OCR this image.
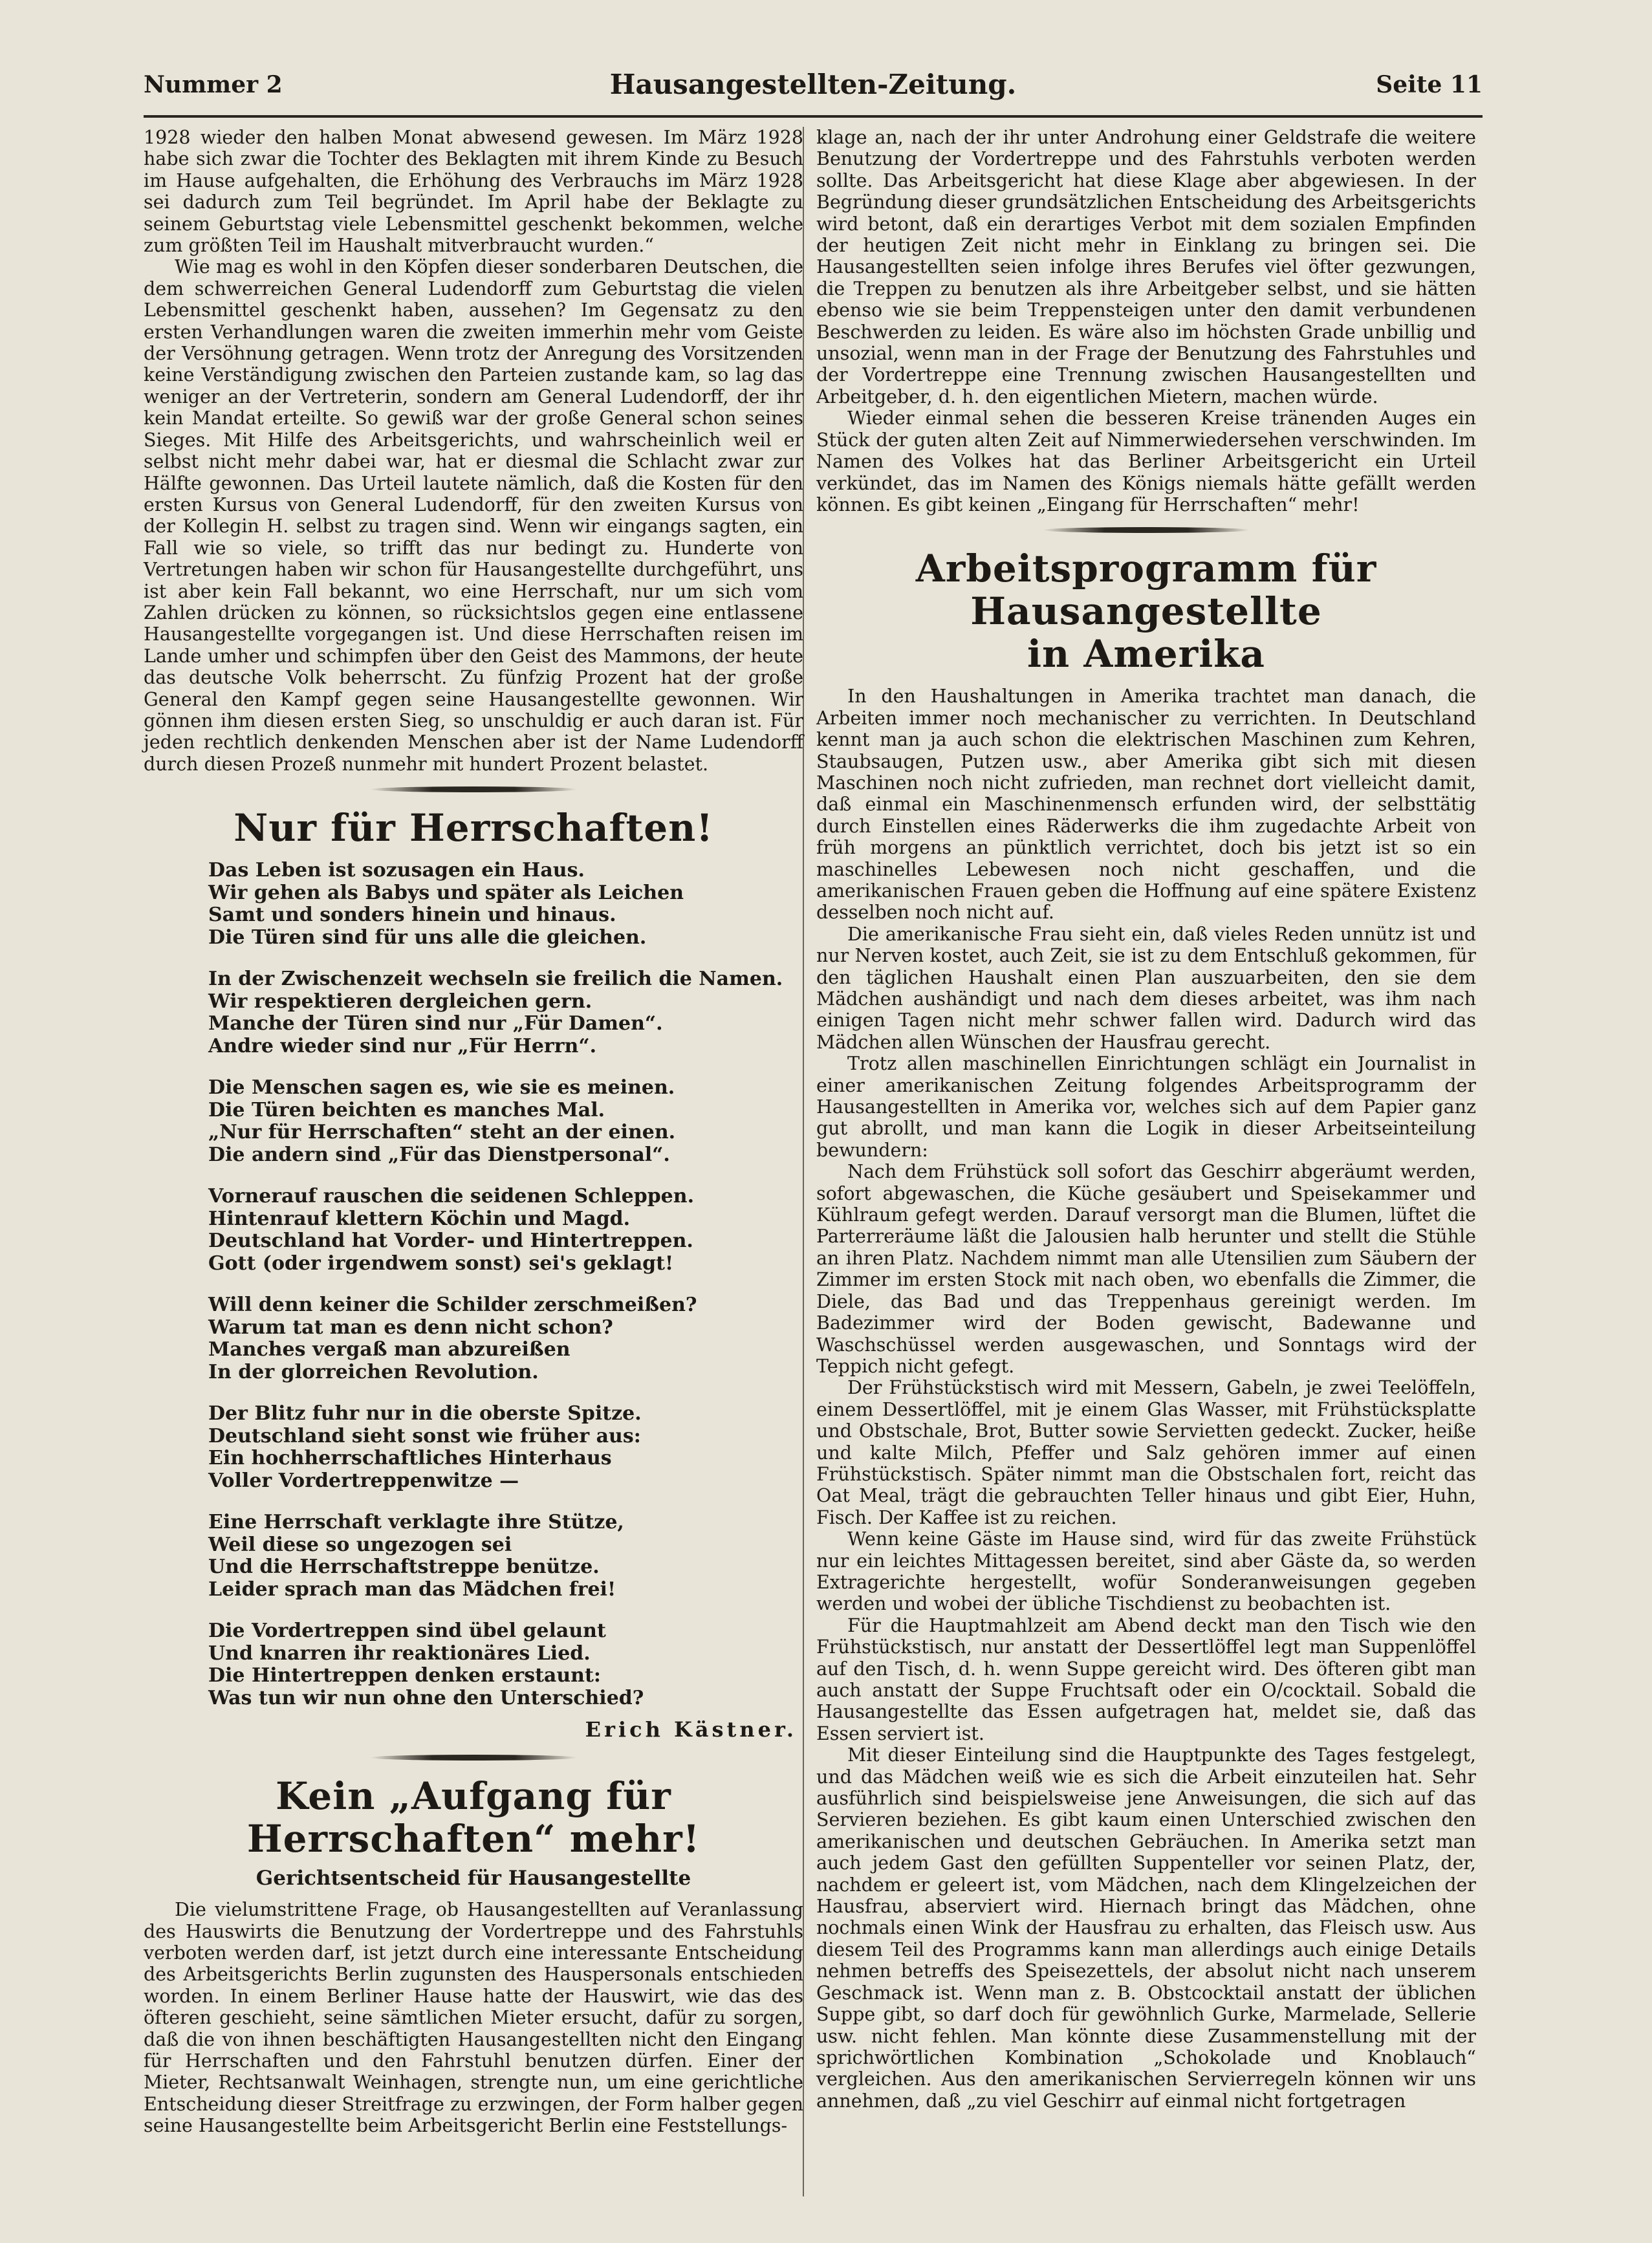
Nummer 2	Hausangestellten-Zeitung.	Seite 11

1928 wieder den halben Monat abwesend gewesen. Im März 1928 habe sich zwar die Tochter des Beklagten mit ihrem Kinde zu Besuch im Hause aufgehalten, die Erhöhung des Verbrauchs im März 1928 sei dadurch zum Teil begründet. Im April habe der Beklagte zu seinem Geburtstag viele Lebensmittel geschenkt bekommen, welche zum größten Teil im Haushalt mitverbraucht wurden.“

Wie mag es wohl in den Köpfen dieser sonderbaren Deutschen, die dem schwerreichen General Ludendorff zum Geburtstag die vielen Lebensmittel geschenkt haben, aussehen? Im Gegensatz zu den ersten Verhandlungen waren die zweiten immerhin mehr vom Geiste der Versöhnung getragen. Wenn trotz der Anregung des Vorsitzenden keine Verständigung zwischen den Parteien zustande kam, so lag das weniger an der Vertreterin, sondern am General Ludendorff, der ihr kein Mandat erteilte. So gewiß war der große General schon seines Sieges. Mit Hilfe des Arbeitsgerichts, und wahrscheinlich weil er selbst nicht mehr dabei war, hat er diesmal die Schlacht zwar zur Hälfte gewonnen. Das Urteil lautete nämlich, daß die Kosten für den ersten Kursus von General Ludendorff, für den zweiten Kursus von der Kollegin H. selbst zu tragen sind. Wenn wir eingangs sagten, ein Fall wie so viele, so trifft das nur bedingt zu. Hunderte von Vertretungen haben wir schon für Hausangestellte durchgeführt, uns ist aber kein Fall bekannt, wo eine Herrschaft, nur um sich vom Zahlen drücken zu können, so rücksichtslos gegen eine entlassene Hausangestellte vorgegangen ist. Und diese Herrschaften reisen im Lande umher und schimpfen über den Geist des Mammons, der heute das deutsche Volk beherrscht. Zu fünfzig Prozent hat der große General den Kampf gegen seine Hausangestellte gewonnen. Wir gönnen ihm diesen ersten Sieg, so unschuldig er auch daran ist. Für jeden rechtlich denkenden Menschen aber ist der Name Ludendorff durch diesen Prozeß nunmehr mit hundert Prozent belastet.

Nur für Herrschaften!
Das Leben ist sozusagen ein Haus.
Wir gehen als Babys und später als Leichen
Samt und sonders hinein und hinaus.
Die Türen sind für uns alle die gleichen.
In der Zwischenzeit wechseln sie freilich die Namen.
Wir respektieren dergleichen gern.
Manche der Türen sind nur „Für Damen“.
Andre wieder sind nur „Für Herrn“.
Die Menschen sagen es, wie sie es meinen.
Die Türen beichten es manches Mal.
„Nur für Herrschaften“ steht an der einen.
Die andern sind „Für das Dienstpersonal“.
Vornerauf rauschen die seidenen Schleppen.
Hintenrauf klettern Köchin und Magd.
Deutschland hat Vorder- und Hintertreppen.
Gott (oder irgendwem sonst) sei's geklagt!
Will denn keiner die Schilder zerschmeißen?
Warum tat man es denn nicht schon?
Manches vergaß man abzureißen
In der glorreichen Revolution.
Der Blitz fuhr nur in die oberste Spitze.
Deutschland sieht sonst wie früher aus:
Ein hochherrschaftliches Hinterhaus
Voller Vordertreppenwitze —
Eine Herrschaft verklagte ihre Stütze,
Weil diese so ungezogen sei
Und die Herrschaftstreppe benütze.
Leider sprach man das Mädchen frei!
Die Vordertreppen sind übel gelaunt
Und knarren ihr reaktionäres Lied.
Die Hintertreppen denken erstaunt:
Was tun wir nun ohne den Unterschied?
Erich Kästner.
Kein „Aufgang für Herrschaften“ mehr!
Gerichtsentscheid für Hausangestellte

Die vielumstrittene Frage, ob Hausangestellten auf Veranlassung des Hauswirts die Benutzung der Vordertreppe und des Fahrstuhls verboten werden darf, ist jetzt durch eine interessante Entscheidung des Arbeitsgerichts Berlin zugunsten des Hauspersonals entschieden worden. In einem Berliner Hause hatte der Hauswirt, wie das des öfteren geschieht, seine sämtlichen Mieter ersucht, dafür zu sorgen, daß die von ihnen beschäftigten Hausangestellten nicht den Eingang für Herrschaften und den Fahrstuhl benutzen dürfen. Einer der Mieter, Rechtsanwalt Weinhagen, strengte nun, um eine gerichtliche Entscheidung dieser Streitfrage zu erzwingen, der Form halber gegen seine Hausangestellte beim Arbeitsgericht Berlin eine Feststellungs-

klage an, nach der ihr unter Androhung einer Geldstrafe die weitere Benutzung der Vordertreppe und des Fahrstuhls verboten werden sollte. Das Arbeitsgericht hat diese Klage aber abgewiesen. In der Begründung dieser grundsätzlichen Entscheidung des Arbeitsgerichts wird betont, daß ein derartiges Verbot mit dem sozialen Empfinden der heutigen Zeit nicht mehr in Einklang zu bringen sei. Die Hausangestellten seien infolge ihres Berufes viel öfter gezwungen, die Treppen zu benutzen als ihre Arbeitgeber selbst, und sie hätten ebenso wie sie beim Treppensteigen unter den damit verbundenen Beschwerden zu leiden. Es wäre also im höchsten Grade unbillig und unsozial, wenn man in der Frage der Benutzung des Fahrstuhles und der Vordertreppe eine Trennung zwischen Hausangestellten und Arbeitgeber, d. h. den eigentlichen Mietern, machen würde.

Wieder einmal sehen die besseren Kreise tränenden Auges ein Stück der guten alten Zeit auf Nimmerwiedersehen verschwinden. Im Namen des Volkes hat das Berliner Arbeitsgericht ein Urteil verkündet, das im Namen des Königs niemals hätte gefällt werden können. Es gibt keinen „Eingang für Herrschaften“ mehr!

Arbeitsprogramm für Hausangestellte
in Amerika

In den Haushaltungen in Amerika trachtet man danach, die Arbeiten immer noch mechanischer zu verrichten. In Deutschland kennt man ja auch schon die elektrischen Maschinen zum Kehren, Staubsaugen, Putzen usw., aber Amerika gibt sich mit diesen Maschinen noch nicht zufrieden, man rechnet dort vielleicht damit, daß einmal ein Maschinenmensch erfunden wird, der selbsttätig durch Einstellen eines Räderwerks die ihm zugedachte Arbeit von früh morgens an pünktlich verrichtet, doch bis jetzt ist so ein maschinelles Lebewesen noch nicht geschaffen, und die amerikanischen Frauen geben die Hoffnung auf eine spätere Existenz desselben noch nicht auf.

Die amerikanische Frau sieht ein, daß vieles Reden unnütz ist und nur Nerven kostet, auch Zeit, sie ist zu dem Entschluß gekommen, für den täglichen Haushalt einen Plan auszuarbeiten, den sie dem Mädchen aushändigt und nach dem dieses arbeitet, was ihm nach einigen Tagen nicht mehr schwer fallen wird. Dadurch wird das Mädchen allen Wünschen der Hausfrau gerecht.

Trotz allen maschinellen Einrichtungen schlägt ein Journalist in einer amerikanischen Zeitung folgendes Arbeitsprogramm der Hausangestellten in Amerika vor, welches sich auf dem Papier ganz gut abrollt, und man kann die Logik in dieser Arbeitseinteilung bewundern:

Nach dem Frühstück soll sofort das Geschirr abgeräumt werden, sofort abgewaschen, die Küche gesäubert und Speisekammer und Kühlraum gefegt werden. Darauf versorgt man die Blumen, lüftet die Parterreräume läßt die Jalousien halb herunter und stellt die Stühle an ihren Platz. Nachdem nimmt man alle Utensilien zum Säubern der Zimmer im ersten Stock mit nach oben, wo ebenfalls die Zimmer, die Diele, das Bad und das Treppenhaus gereinigt werden. Im Badezimmer wird der Boden gewischt, Badewanne und Waschschüssel werden ausgewaschen, und Sonntags wird der Teppich nicht gefegt.

Der Frühstückstisch wird mit Messern, Gabeln, je zwei Teelöffeln, einem Dessertlöffel, mit je einem Glas Wasser, mit Frühstücksplatte und Obstschale, Brot, Butter sowie Servietten gedeckt. Zucker, heiße und kalte Milch, Pfeffer und Salz gehören immer auf einen Frühstückstisch. Später nimmt man die Obstschalen fort, reicht das Oat Meal, trägt die gebrauchten Teller hinaus und gibt Eier, Huhn, Fisch. Der Kaffee ist zu reichen.

Wenn keine Gäste im Hause sind, wird für das zweite Frühstück nur ein leichtes Mittagessen bereitet, sind aber Gäste da, so werden Extragerichte hergestellt, wofür Sonderanweisungen gegeben werden und wobei der übliche Tischdienst zu beobachten ist.

Für die Hauptmahlzeit am Abend deckt man den Tisch wie den Frühstückstisch, nur anstatt der Dessertlöffel legt man Suppenlöffel auf den Tisch, d. h. wenn Suppe gereicht wird. Des öfteren gibt man auch anstatt der Suppe Fruchtsaft oder ein O/cocktail. Sobald die Hausangestellte das Essen aufgetragen hat, meldet sie, daß das Essen serviert ist.

Mit dieser Einteilung sind die Hauptpunkte des Tages festgelegt, und das Mädchen weiß wie es sich die Arbeit einzuteilen hat. Sehr ausführlich sind beispielsweise jene Anweisungen, die sich auf das Servieren beziehen. Es gibt kaum einen Unterschied zwischen den amerikanischen und deutschen Gebräuchen. In Amerika setzt man auch jedem Gast den gefüllten Suppenteller vor seinen Platz, der, nachdem er geleert ist, vom Mädchen, nach dem Klingelzeichen der Hausfrau, abserviert wird. Hiernach bringt das Mädchen, ohne nochmals einen Wink der Hausfrau zu erhalten, das Fleisch usw. Aus diesem Teil des Programms kann man allerdings auch einige Details nehmen betreffs des Speisezettels, der absolut nicht nach unserem Geschmack ist. Wenn man z. B. Obstcocktail anstatt der üblichen Suppe gibt, so darf doch für gewöhnlich Gurke, Marmelade, Sellerie usw. nicht fehlen. Man könnte diese Zusammenstellung mit der sprichwörtlichen Kombination „Schokolade und Knoblauch“ vergleichen. Aus den amerikanischen Servierregeln können wir uns annehmen, daß „zu viel Geschirr auf einmal nicht fortgetragen
